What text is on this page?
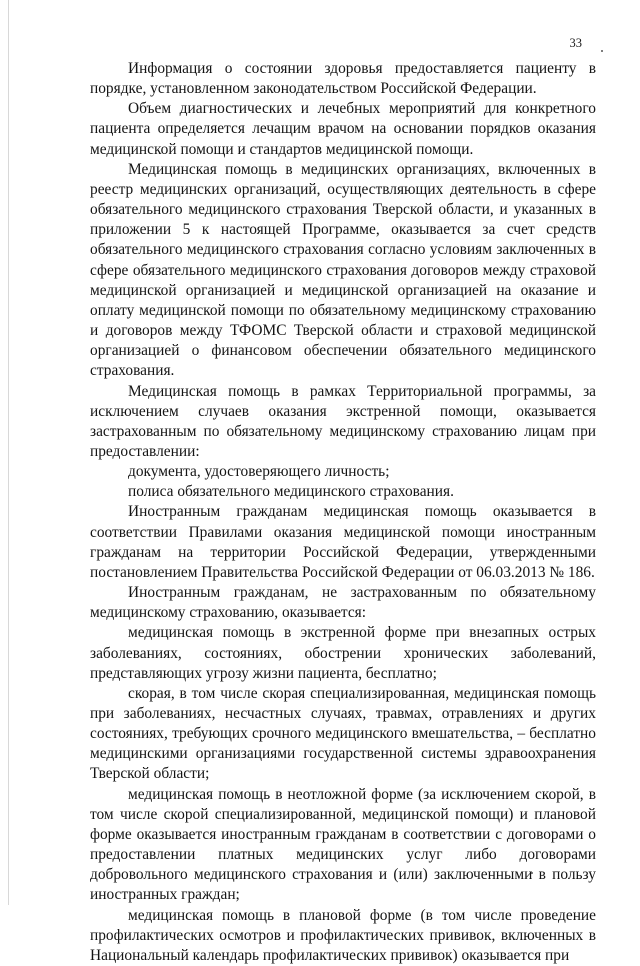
33

Информация о состоянии здоровья предоставляется пациенту в порядке, установленном законодательством Российской Федерации.

Объем диагностических и лечебных мероприятий для конкретного пациента определяется лечащим врачом на основании порядков оказания медицинской помощи и стандартов медицинской помощи.

Медицинская помощь в медицинских организациях, включенных в реестр медицинских организаций, осуществляющих деятельность в сфере обязательного медицинского страхования Тверской области, и указанных в приложении 5 к настоящей Программе, оказывается за счет средств обязательного медицинского страхования согласно условиям заключенных в сфере обязательного медицинского страхования договоров между страховой медицинской организацией и медицинской организацией на оказание и оплату медицинской помощи по обязательному медицинскому страхованию и договоров между ТФОМС Тверской области и страховой медицинской организацией о финансовом обеспечении обязательного медицинского страхования.

Медицинская помощь в рамках Территориальной программы, за исключением случаев оказания экстренной помощи, оказывается застрахованным по обязательному медицинскому страхованию лицам при предоставлении:

документа, удостоверяющего личность;

полиса обязательного медицинского страхования.

Иностранным гражданам медицинская помощь оказывается в соответствии Правилами оказания медицинской помощи иностранным гражданам на территории Российской Федерации, утвержденными постановлением Правительства Российской Федерации от 06.03.2013 № 186.

Иностранным гражданам, не застрахованным по обязательному медицинскому страхованию, оказывается:

медицинская помощь в экстренной форме при внезапных острых заболеваниях, состояниях, обострении хронических заболеваний, представляющих угрозу жизни пациента, бесплатно;

скорая, в том числе скорая специализированная, медицинская помощь при заболеваниях, несчастных случаях, травмах, отравлениях и других состояниях, требующих срочного медицинского вмешательства, – бесплатно медицинскими организациями государственной системы здравоохранения Тверской области;

медицинская помощь в неотложной форме (за исключением скорой, в том числе скорой специализированной, медицинской помощи) и плановой форме оказывается иностранным гражданам в соответствии с договорами о предоставлении платных медицинских услуг либо договорами добровольного медицинского страхования и (или) заключенными в пользу иностранных граждан;

медицинская помощь в плановой форме (в том числе проведение профилактических осмотров и профилактических прививок, включенных в Национальный календарь профилактических прививок) оказывается при
